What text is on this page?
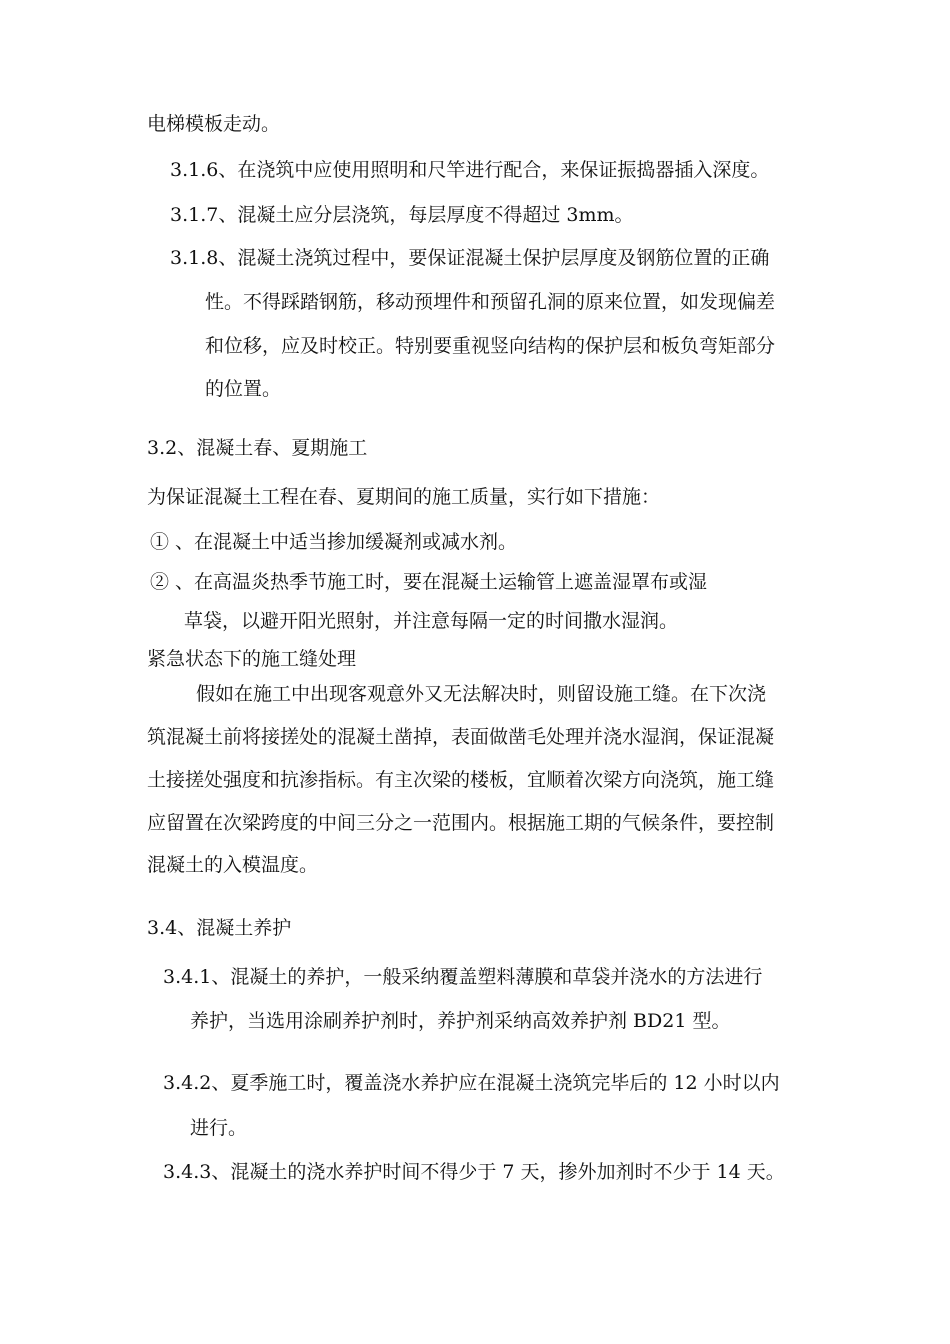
电梯模板走动。
3.1.6、在浇筑中应使用照明和尺竿进行配合，来保证振捣器插入深度。
3.1.7、混凝土应分层浇筑，每层厚度不得超过 3mm。
3.1.8、混凝土浇筑过程中，要保证混凝土保护层厚度及钢筋位置的正确
性。不得踩踏钢筋，移动预埋件和预留孔洞的原来位置，如发现偏差
和位移，应及时校正。特别要重视竖向结构的保护层和板负弯矩部分
的位置。
3.2、混凝土春、夏期施工
为保证混凝土工程在春、夏期间的施工质量，实行如下措施：
① 、在混凝土中适当掺加缓凝剂或减水剂。
② 、在高温炎热季节施工时，要在混凝土运输管上遮盖湿罩布或湿
草袋，以避开阳光照射，并注意每隔一定的时间撒水湿润。
紧急状态下的施工缝处理
假如在施工中出现客观意外又无法解决时，则留设施工缝。在下次浇
筑混凝土前将接搓处的混凝土凿掉，表面做凿毛处理并浇水湿润，保证混凝
土接搓处强度和抗渗指标。有主次梁的楼板，宜顺着次梁方向浇筑，施工缝
应留置在次梁跨度的中间三分之一范围内。根据施工期的气候条件，要控制
混凝土的入模温度。
3.4、混凝土养护
3.4.1、混凝土的养护，一般采纳覆盖塑料薄膜和草袋并浇水的方法进行
养护，当选用涂刷养护剂时，养护剂采纳高效养护剂 BD21 型。
3.4.2、夏季施工时，覆盖浇水养护应在混凝土浇筑完毕后的 12 小时以内
进行。
3.4.3、混凝土的浇水养护时间不得少于 7 天，掺外加剂时不少于 14 天。
